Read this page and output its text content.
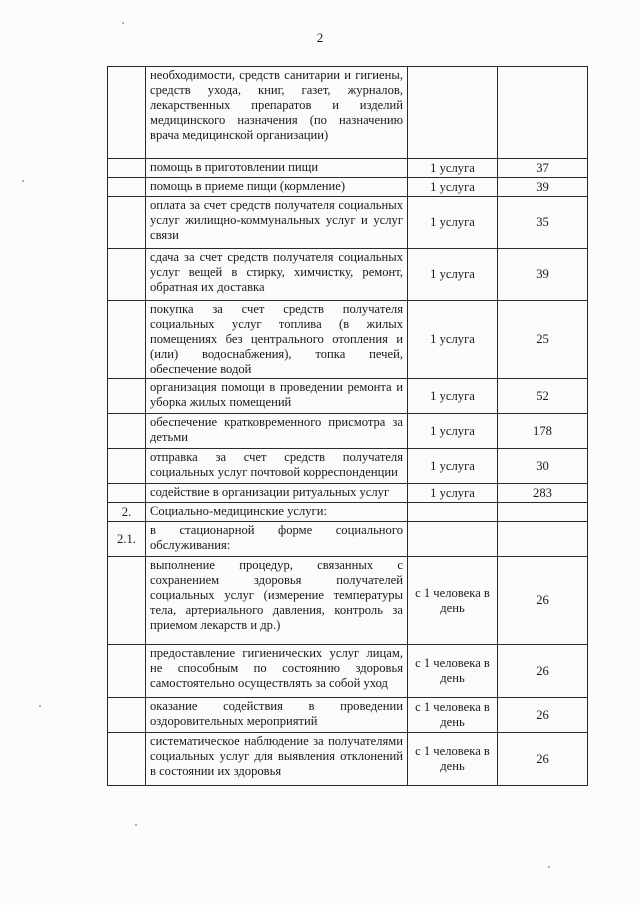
2
	необходимости, средств санитарии и гигиены, средств ухода, книг, газет, журналов, лекарственных препаратов и изделий медицинского назначения (по назначению врача медицинской организации)		
	помощь в приготовлении пищи	1 услуга	37
	помощь в приеме пищи (кормление)	1 услуга	39
	оплата за счет средств получателя социальных услуг жилищно-коммунальных услуг и услуг связи	1 услуга	35
	сдача за счет средств получателя социальных услуг вещей в стирку, химчистку, ремонт, обратная их доставка	1 услуга	39
	покупка за счет средств получателя социальных услуг топлива (в жилых помещениях без центрального отопления и (или) водоснабжения), топка печей, обеспечение водой	1 услуга	25
	организация помощи в проведении ремонта и уборка жилых помещений	1 услуга	52
	обеспечение кратковременного присмотра за детьми	1 услуга	178
	отправка за счет средств получателя социальных услуг почтовой корреспонденции	1 услуга	30
	содействие в организации ритуальных услуг	1 услуга	283
2.	Социально-медицинские услуги:		
2.1.	в стационарной форме социального обслуживания:		
	выполнение процедур, связанных с сохранением здоровья получателей социальных услуг (измерение температуры тела, артериального давления, контроль за приемом лекарств и др.)	с 1 человека в день	26
	предоставление гигиенических услуг лицам, не способным по состоянию здоровья самостоятельно осуществлять за собой уход	с 1 человека в день	26
	оказание содействия в проведении оздоровительных мероприятий	с 1 человека в день	26
	систематическое наблюдение за получателями социальных услуг для выявления отклонений в состоянии их здоровья	с 1 человека в день	26
